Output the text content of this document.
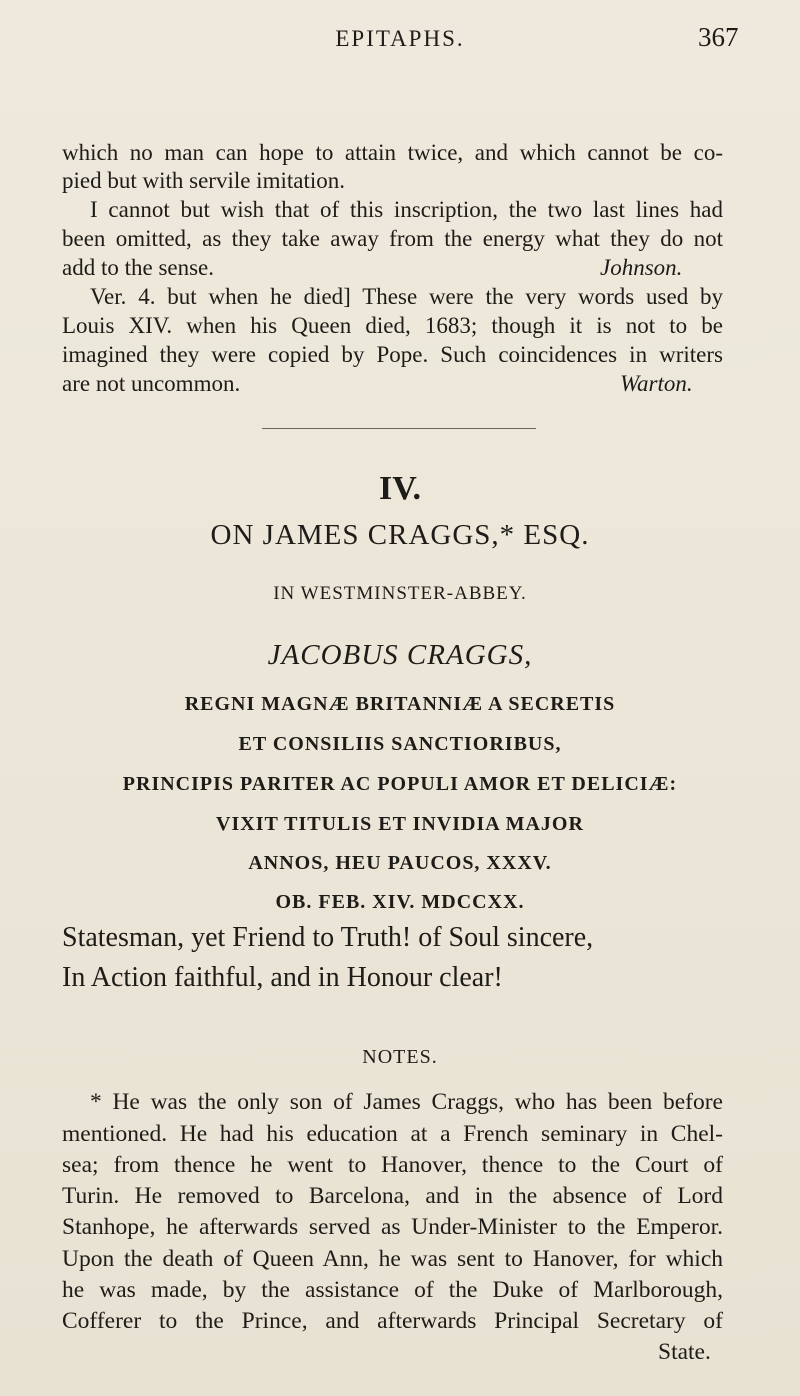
EPITAPHS.	367

which no man can hope to attain twice, and which cannot be co-

pied but with servile imitation.

I cannot but wish that of this inscription, the two last lines had

been omitted, as they take away from the energy what they do not

add to the sense.	Johnson.

Ver. 4. but when he died] These were the very words used by

Louis XIV. when his Queen died, 1683; though it is not to be

imagined they were copied by Pope. Such coincidences in writers

are not uncommon.	Warton.

IV.

ON JAMES CRAGGS,* ESQ.

IN WESTMINSTER-ABBEY.

JACOBUS CRAGGS,

REGNI MAGNÆ BRITANNIÆ A SECRETIS

ET CONSILIIS SANCTIORIBUS,

PRINCIPIS PARITER AC POPULI AMOR ET DELICIÆ:

VIXIT TITULIS ET INVIDIA MAJOR

ANNOS, HEU PAUCOS, XXXV.

OB. FEB. XIV. MDCCXX.

Statesman, yet Friend to Truth! of Soul sincere,

In Action faithful, and in Honour clear!

NOTES.

* He was the only son of James Craggs, who has been before

mentioned. He had his education at a French seminary in Chel-

sea; from thence he went to Hanover, thence to the Court of

Turin. He removed to Barcelona, and in the absence of Lord

Stanhope, he afterwards served as Under-Minister to the Emperor.

Upon the death of Queen Ann, he was sent to Hanover, for which

he was made, by the assistance of the Duke of Marlborough,

Cofferer to the Prince, and afterwards Principal Secretary of

State.
